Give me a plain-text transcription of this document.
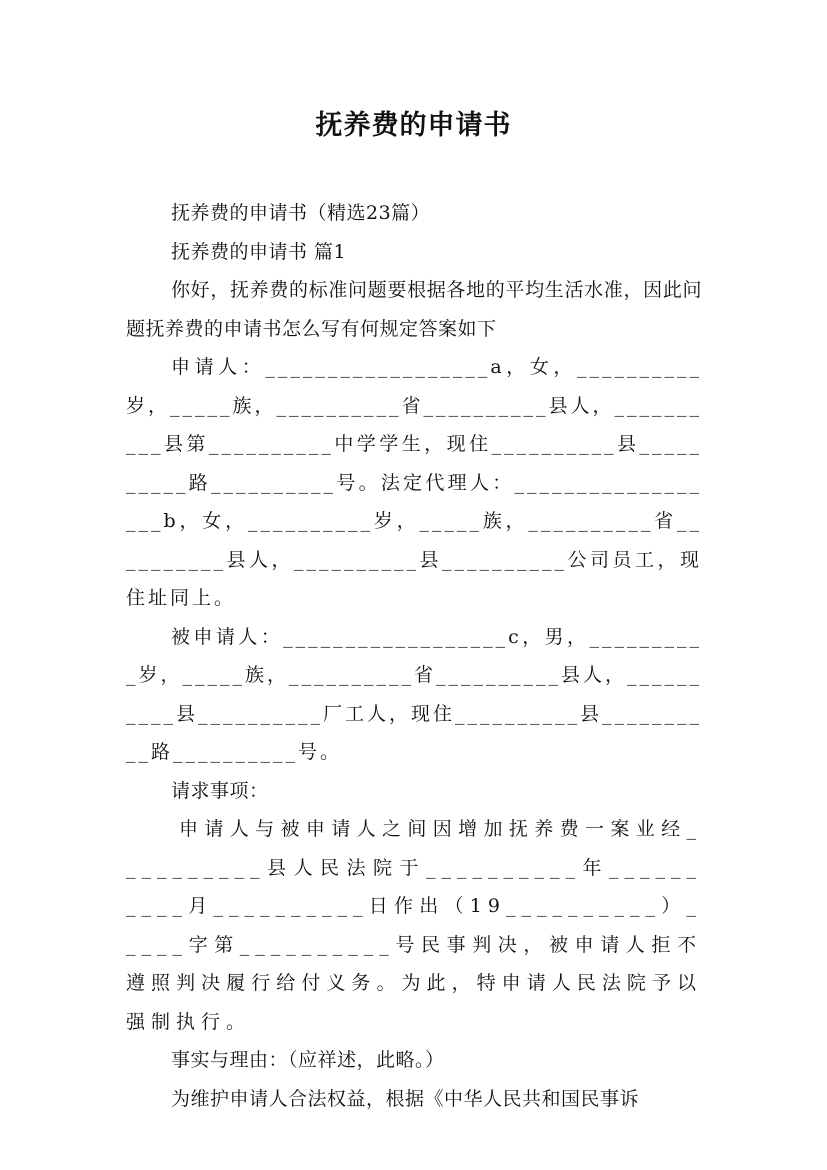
抚养费的申请书

抚养费的申请书（精选23篇）

抚养费的申请书 篇1

你好，抚养费的标准问题要根据各地的平均生活水准，因此问题抚养费的申请书怎么写有何规定答案如下

申请人：__________________a，女，__________岁，_____族，__________省__________县人，__________县第__________中学学生，现住__________县__________路__________号。法定代理人：__________________b，女，__________岁，_____族，__________省__________县人，__________县__________公司员工，现住址同上。

被申请人：__________________c，男，__________岁，_____族，__________省__________县人，__________县__________厂工人，现住__________县__________路__________号。

请求事项：

申请人与被申请人之间因增加抚养费一案业经__________县人民法院于__________年__________月__________日作出（19__________）_____字第__________号民事判决，被申请人拒不遵照判决履行给付义务。为此，特申请人民法院予以强制执行。

事实与理由：（应祥述，此略。）

为维护申请人合法权益，根据《中华人民共和国民事诉
